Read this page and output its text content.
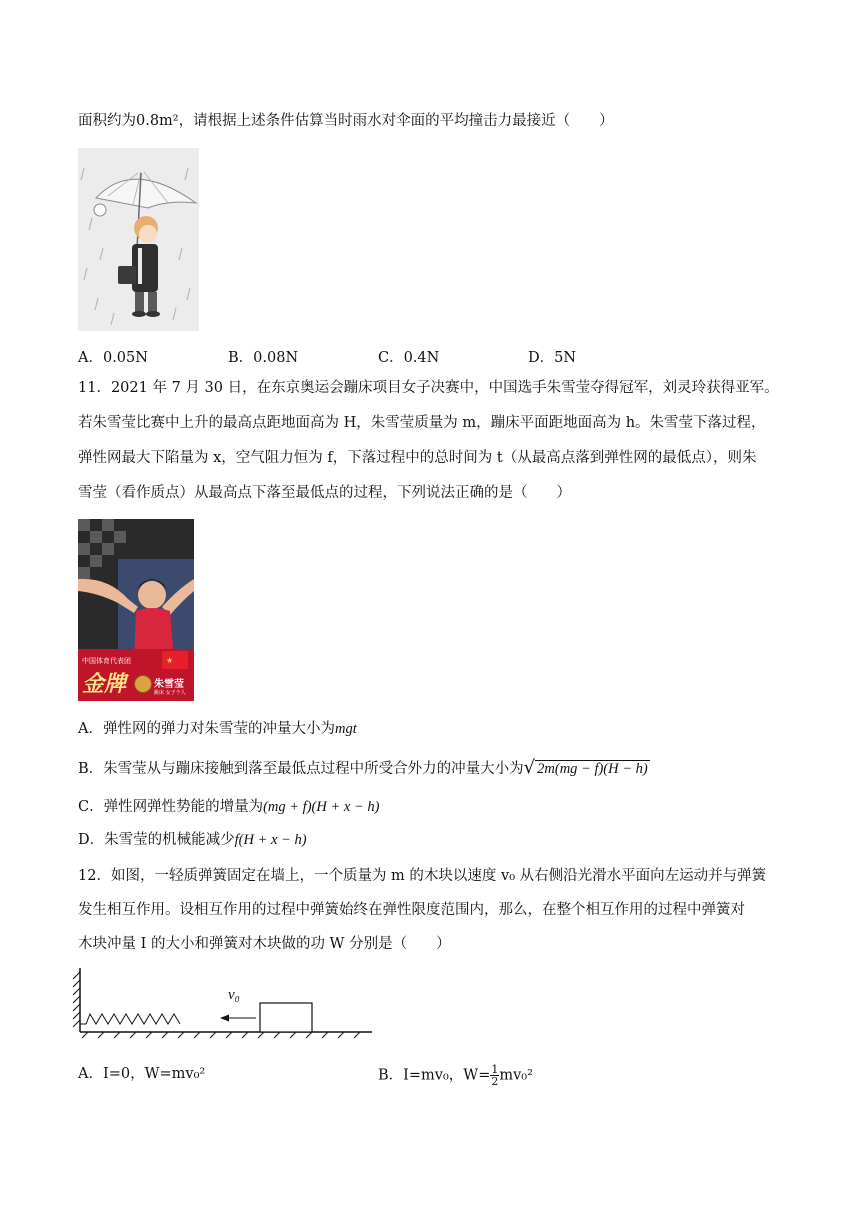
面积约为0.8m²，请根据上述条件估算当时雨水对伞面的平均撞击力最接近（　　）
A．0.05N	B．0.08N	C．0.4N	D．5N
11．2021 年 7 月 30 日，在东京奥运会蹦床项目女子决赛中，中国选手朱雪莹夺得冠军，刘灵玲获得亚军。
若朱雪莹比赛中上升的最高点距地面高为 H，朱雪莹质量为 m，蹦床平面距地面高为 h。朱雪莹下落过程，
弹性网最大下陷量为 x，空气阻力恒为 f，下落过程中的总时间为 t（从最高点落到弹性网的最低点），则朱
雪莹（看作质点）从最高点下落至最低点的过程，下列说法正确的是（　　）
★
中国体育代表团
金牌	朱雪莹
跳床 女子个人
A．弹性网的弹力对朱雪莹的冲量大小为mgt
B．朱雪莹从与蹦床接触到落至最低点过程中所受合外力的冲量大小为√ 2m(mg − f)(H − h)
C．弹性网弹性势能的增量为(mg + f)(H + x − h)
D．朱雪莹的机械能减少f(H + x − h)
12．如图，一轻质弹簧固定在墙上，一个质量为 m 的木块以速度 v₀ 从右侧沿光滑水平面向左运动并与弹簧
发生相互作用。设相互作用的过程中弹簧始终在弹性限度范围内，那么，在整个相互作用的过程中弹簧对
木块冲量 I 的大小和弹簧对木块做的功 W 分别是（　　）
v₀
A．I=0，W=mv₀²	B．I=mv₀，$W= \frac{1}{2} mv_0^2$
